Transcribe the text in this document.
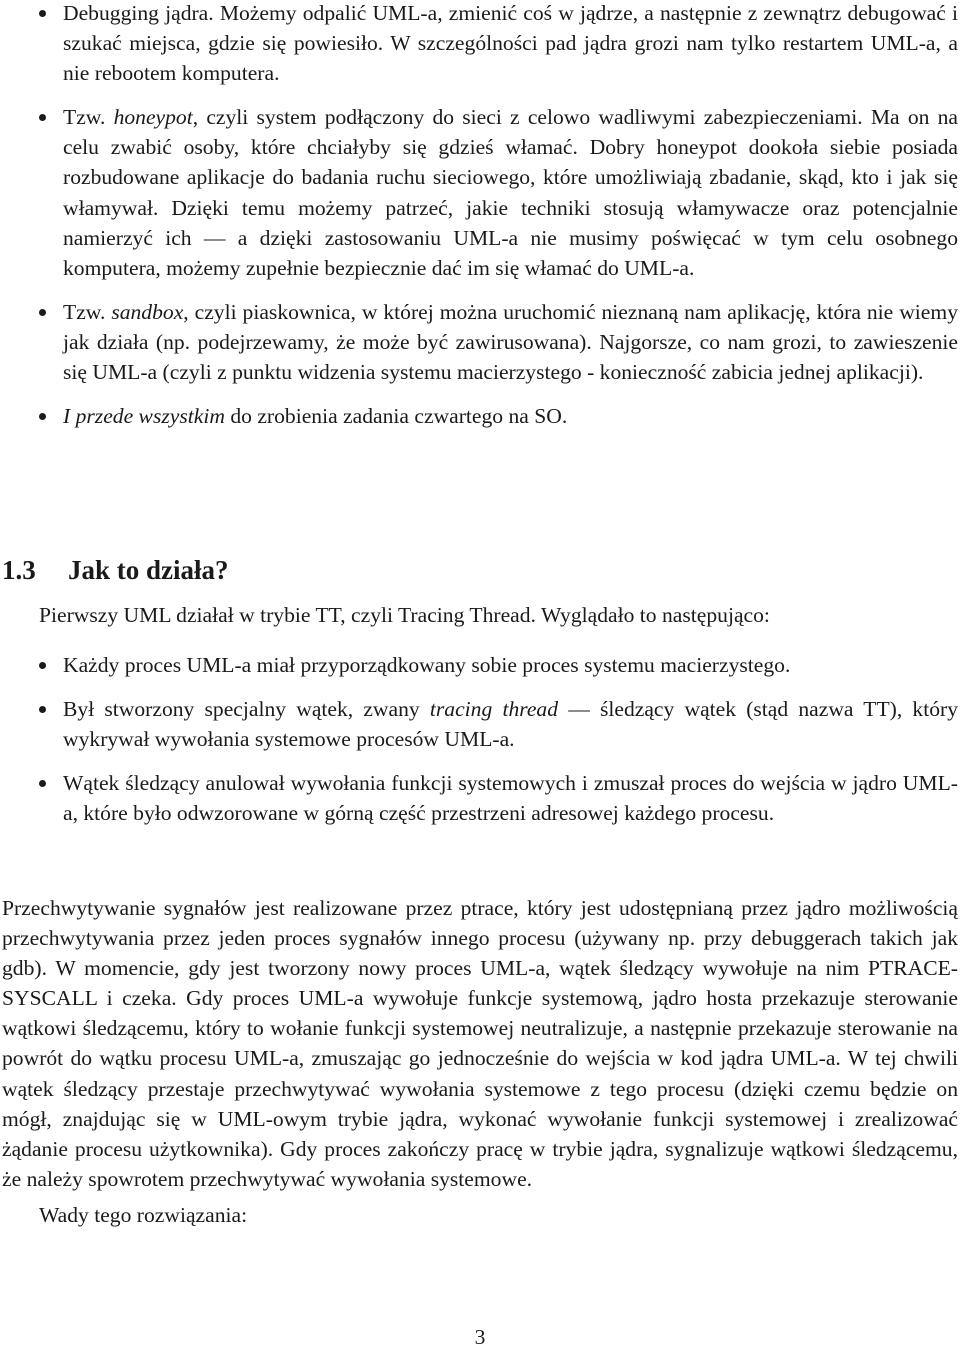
Debugging jądra. Możemy odpalić UML-a, zmienić coś w jądrze, a następnie z zewnątrz debugować i szukać miejsca, gdzie się powiesiło. W szczególności pad jądra grozi nam tylko restartem UML-a, a nie rebootem komputera.
Tzw. honeypot, czyli system podłączony do sieci z celowo wadliwymi zabezpieczeniami. Ma on na celu zwabić osoby, które chciałyby się gdzieś włamać. Dobry honeypot dookoła siebie posiada rozbudowane aplikacje do badania ruchu sieciowego, które umożliwiają zbadanie, skąd, kto i jak się włamywał. Dzięki temu możemy patrzeć, jakie techniki stosują włamywacze oraz potencjalnie namierzyć ich — a dzięki zastosowaniu UML-a nie musimy poświęcać w tym celu osobnego komputera, możemy zupełnie bezpiecznie dać im się włamać do UML-a.
Tzw. sandbox, czyli piaskownica, w której można uruchomić nieznaną nam aplikację, która nie wiemy jak działa (np. podejrzewamy, że może być zawirusowana). Najgorsze, co nam grozi, to zawieszenie się UML-a (czyli z punktu widzenia systemu macierzystego - konieczność zabicia jednej aplikacji).
I przede wszystkim do zrobienia zadania czwartego na SO.
1.3 Jak to działa?

Pierwszy UML działał w trybie TT, czyli Tracing Thread. Wyglądało to następująco:

Każdy proces UML-a miał przyporządkowany sobie proces systemu macierzystego.
Był stworzony specjalny wątek, zwany tracing thread — śledzący wątek (stąd nazwa TT), który wykrywał wywołania systemowe procesów UML-a.
Wątek śledzący anulował wywołania funkcji systemowych i zmuszał proces do wejścia w jądro UML-a, które było odwzorowane w górną część przestrzeni adresowej każdego procesu.

Przechwytywanie sygnałów jest realizowane przez ptrace, który jest udostępnianą przez jądro możliwością przechwytywania przez jeden proces sygnałów innego procesu (używany np. przy debuggerach takich jak gdb). W momencie, gdy jest tworzony nowy proces UML-a, wątek śledzący wywołuje na nim PTRACE-SYSCALL i czeka. Gdy proces UML-a wywołuje funkcje systemową, jądro hosta przekazuje sterowanie wątkowi śledzącemu, który to wołanie funkcji systemowej neutralizuje, a następnie przekazuje sterowanie na powrót do wątku procesu UML-a, zmuszając go jednocześnie do wejścia w kod jądra UML-a. W tej chwili wątek śledzący przestaje przechwytywać wywołania systemowe z tego procesu (dzięki czemu będzie on mógł, znajdując się w UML-owym trybie jądra, wykonać wywołanie funkcji systemowej i zrealizować żądanie procesu użytkownika). Gdy proces zakończy pracę w trybie jądra, sygnalizuje wątkowi śledzącemu, że należy spowrotem przechwytywać wywołania systemowe.

Wady tego rozwiązania:

3
